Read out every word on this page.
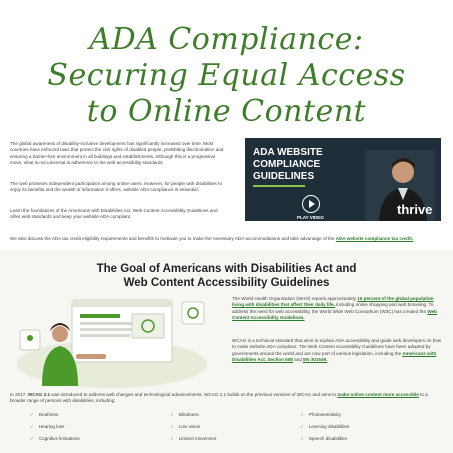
ADA Compliance:
Securing Equal Access
to Online Content
The global awareness of disability-inclusive development has significantly increased over time. Most countries have enforced laws that protect the civil rights of disabled people, prohibiting discrimination and ensuring a barrier-free environment in all buildings and establishments. Although this is a progressive move, what is not universal is adherence to the web accessibility standards.
The web promises independent participation among online users. However, for people with disabilities to enjoy its benefits and the wealth of information it offers, website ADA compliance is essential.
Learn the foundations of the Americans with Disabilities Act, Web Content Accessibility Guidelines and other web standards and keep your website ADA compliant.
We also discuss the ADA tax credit eligibility requirements and benefits to motivate you to make the necessary ADA accommodations and take advantage of the ADA website compliance tax credit.
ADA WEBSITE
COMPLIANCE
GUIDELINES
PLAY VIDEO
thrive
The Goal of Americans with Disabilities Act and
Web Content Accessibility Guidelines
The World Health Organization (WHO) reports approximately 15 percent of the global population living with disabilities that affect their daily life, including online shopping and web browsing. To address the need for web accessibility, the World Wide Web Consortium (W3C) has created the Web Content Accessibility Guidelines.
WCAG is a technical standard that aims to explain ADA accessibility and guide web developers on how to make website ADA compliant. The Web Content Accessibility Guidelines have been adopted by governments around the world and are now part of various legislation, including the Americans with Disabilities Act, Section 508 and EN 301549.
In 2017, WCAG 2.1 was introduced to address web changes and technological advancements. WCAG 2.1 builds on the previous versions of WCAG and aims to make online content more accessible to a broader range of persons with disabilities, including:
✓ Deafness	✓ Blindness	✓ Photosensitivity
✓ Hearing loss	✓ Low vision	✓ Learning disabilities
✓ Cognitive limitations	✓ Limited movement	✓ Speech disabilities
